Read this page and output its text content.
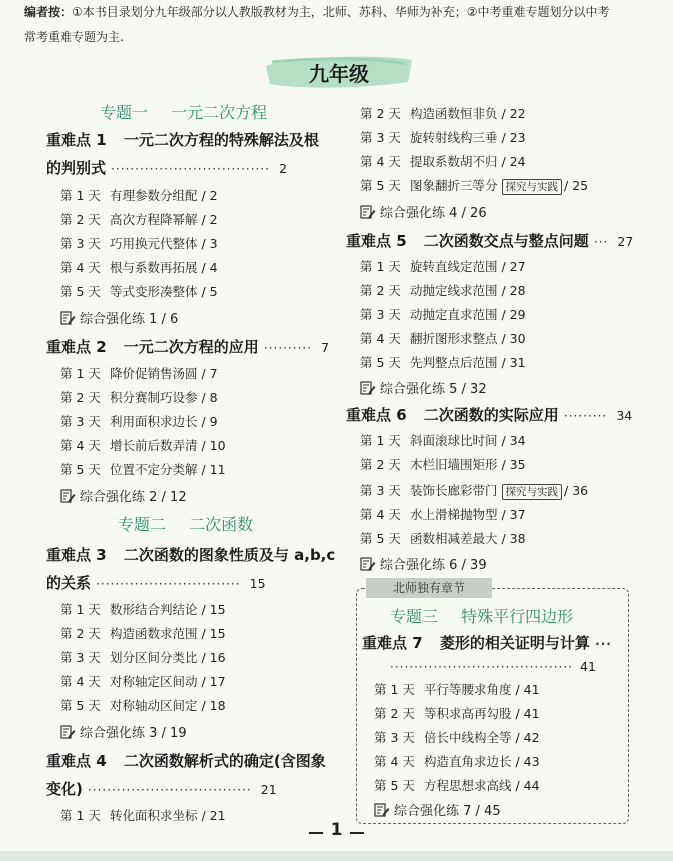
编者按：①本书目录划分九年级部分以人教版教材为主，北师、苏科、华师为补充；②中考重难专题划分以中考
常考重难专题为主.
九年级
专题一 一元二次方程
重难点 1 一元二次方程的特殊解法及根
的判别式 ································· 2
第 1 天 有理参数分组配 / 2
第 2 天 高次方程降幂解 / 2
第 3 天 巧用换元代整体 / 3
第 4 天 根与系数再拓展 / 4
第 5 天 等式变形凑整体 / 5
综合强化练 1 / 6
重难点 2 一元二次方程的应用 ·········· 7
第 1 天 降价促销售汤圆 / 7
第 2 天 积分赛制巧设参 / 8
第 3 天 利用面积求边长 / 9
第 4 天 增长前后数弄清 / 10
第 5 天 位置不定分类解 / 11
综合强化练 2 / 12
专题二 二次函数
重难点 3 二次函数的图象性质及与 a,b,c
的关系 ······························ 15
第 1 天 数形结合判结论 / 15
第 2 天 构造函数求范围 / 15
第 3 天 划分区间分类比 / 16
第 4 天 对称轴定区间动 / 17
第 5 天 对称轴动区间定 / 18
综合强化练 3 / 19
重难点 4 二次函数解析式的确定(含图象
变化) ·································· 21
第 1 天 转化面积求坐标 / 21
第 2 天 构造函数恒非负 / 22
第 3 天 旋转射线构三垂 / 23
第 4 天 提取系数胡不归 / 24
第 5 天 图象翻折三等分 探究与实践 / 25
综合强化练 4 / 26
重难点 5 二次函数交点与整点问题 ··· 27
第 1 天 旋转直线定范围 / 27
第 2 天 动抛定线求范围 / 28
第 3 天 动抛定直求范围 / 29
第 4 天 翻折图形求整点 / 30
第 5 天 先判整点后范围 / 31
综合强化练 5 / 32
重难点 6 二次函数的实际应用 ········· 34
第 1 天 斜面滚球比时间 / 34
第 2 天 木栏旧墙围矩形 / 35
第 3 天 装饰长廊彩带门 探究与实践 / 36
第 4 天 水上滑梯抛物型 / 37
第 5 天 函数相减差最大 / 38
综合强化练 6 / 39
北师独有章节
专题三 特殊平行四边形
重难点 7 菱形的相关证明与计算 ···
······································ 41
第 1 天 平行等腰求角度 / 41
第 2 天 等积求高再勾股 / 41
第 3 天 倍长中线构全等 / 42
第 4 天 构造直角求边长 / 43
第 5 天 方程思想求高线 / 44
综合强化练 7 / 45
1
